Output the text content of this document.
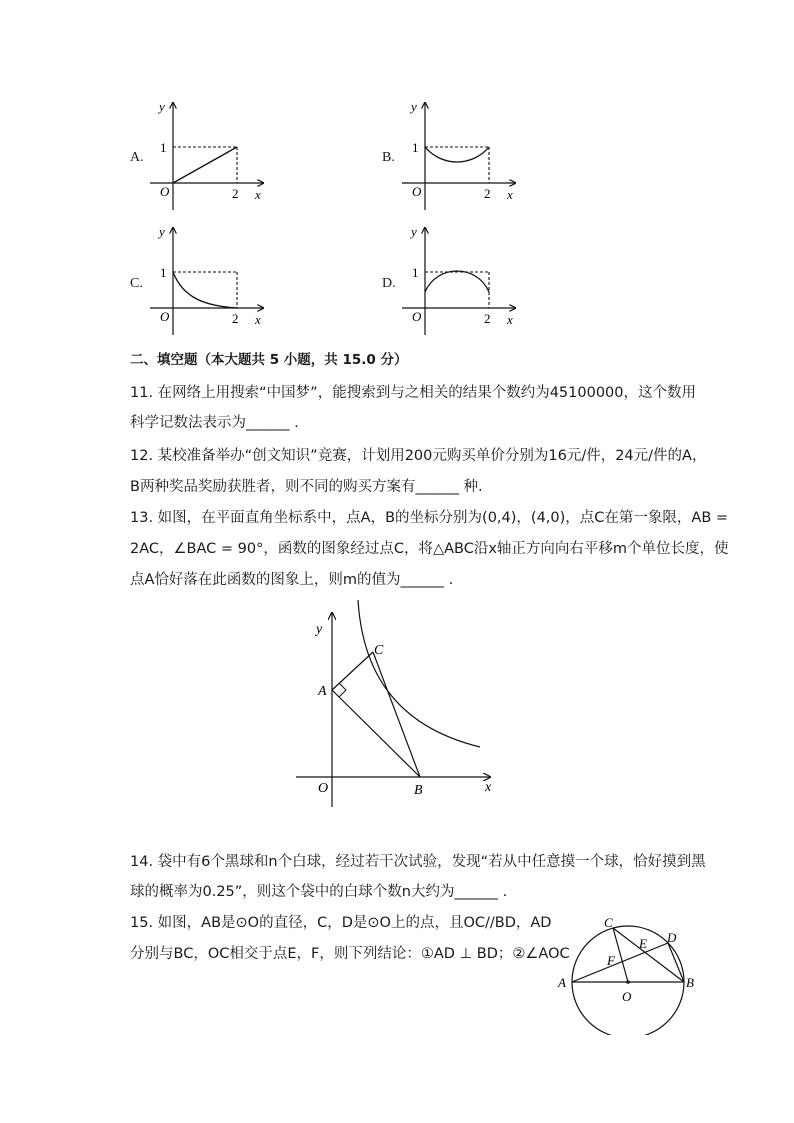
A.
y
x
O
1
2
B.
y
x
O
1
2
C.
y
x
O
1
2
D.
y
x
O
1
2
二、填空题（本大题共 5 小题，共 15.0 分）
11. 在网络上用搜索“中国梦”，能搜索到与之相关的结果个数约为45100000，这个数用
科学记数法表示为______ .
12. 某校准备举办“创文知识”竞赛，计划用200元购买单价分别为16元/件，24元/件的A，
B两种奖品奖励获胜者，则不同的购买方案有______ 种.
13. 如图，在平面直角坐标系中，点A，B的坐标分别为(0,4)，(4,0)，点C在第一象限，AB =
2AC，∠BAC = 90°，函数的图象经过点C，将△ABC沿x轴正方向向右平移m个单位长度，使
点A恰好落在此函数的图象上，则m的值为______ .
y
x
O
A
B
C
14. 袋中有6个黑球和n个白球，经过若干次试验，发现“若从中任意摸一个球，恰好摸到黑
球的概率为0.25”，则这个袋中的白球个数n大约为______ .
15. 如图，AB是⊙O的直径，C，D是⊙O上的点，且OC//BD，AD
分别与BC，OC相交于点E，F，则下列结论：①AD ⊥ BD；②∠AOC
A	B
C
D
E
F
O
